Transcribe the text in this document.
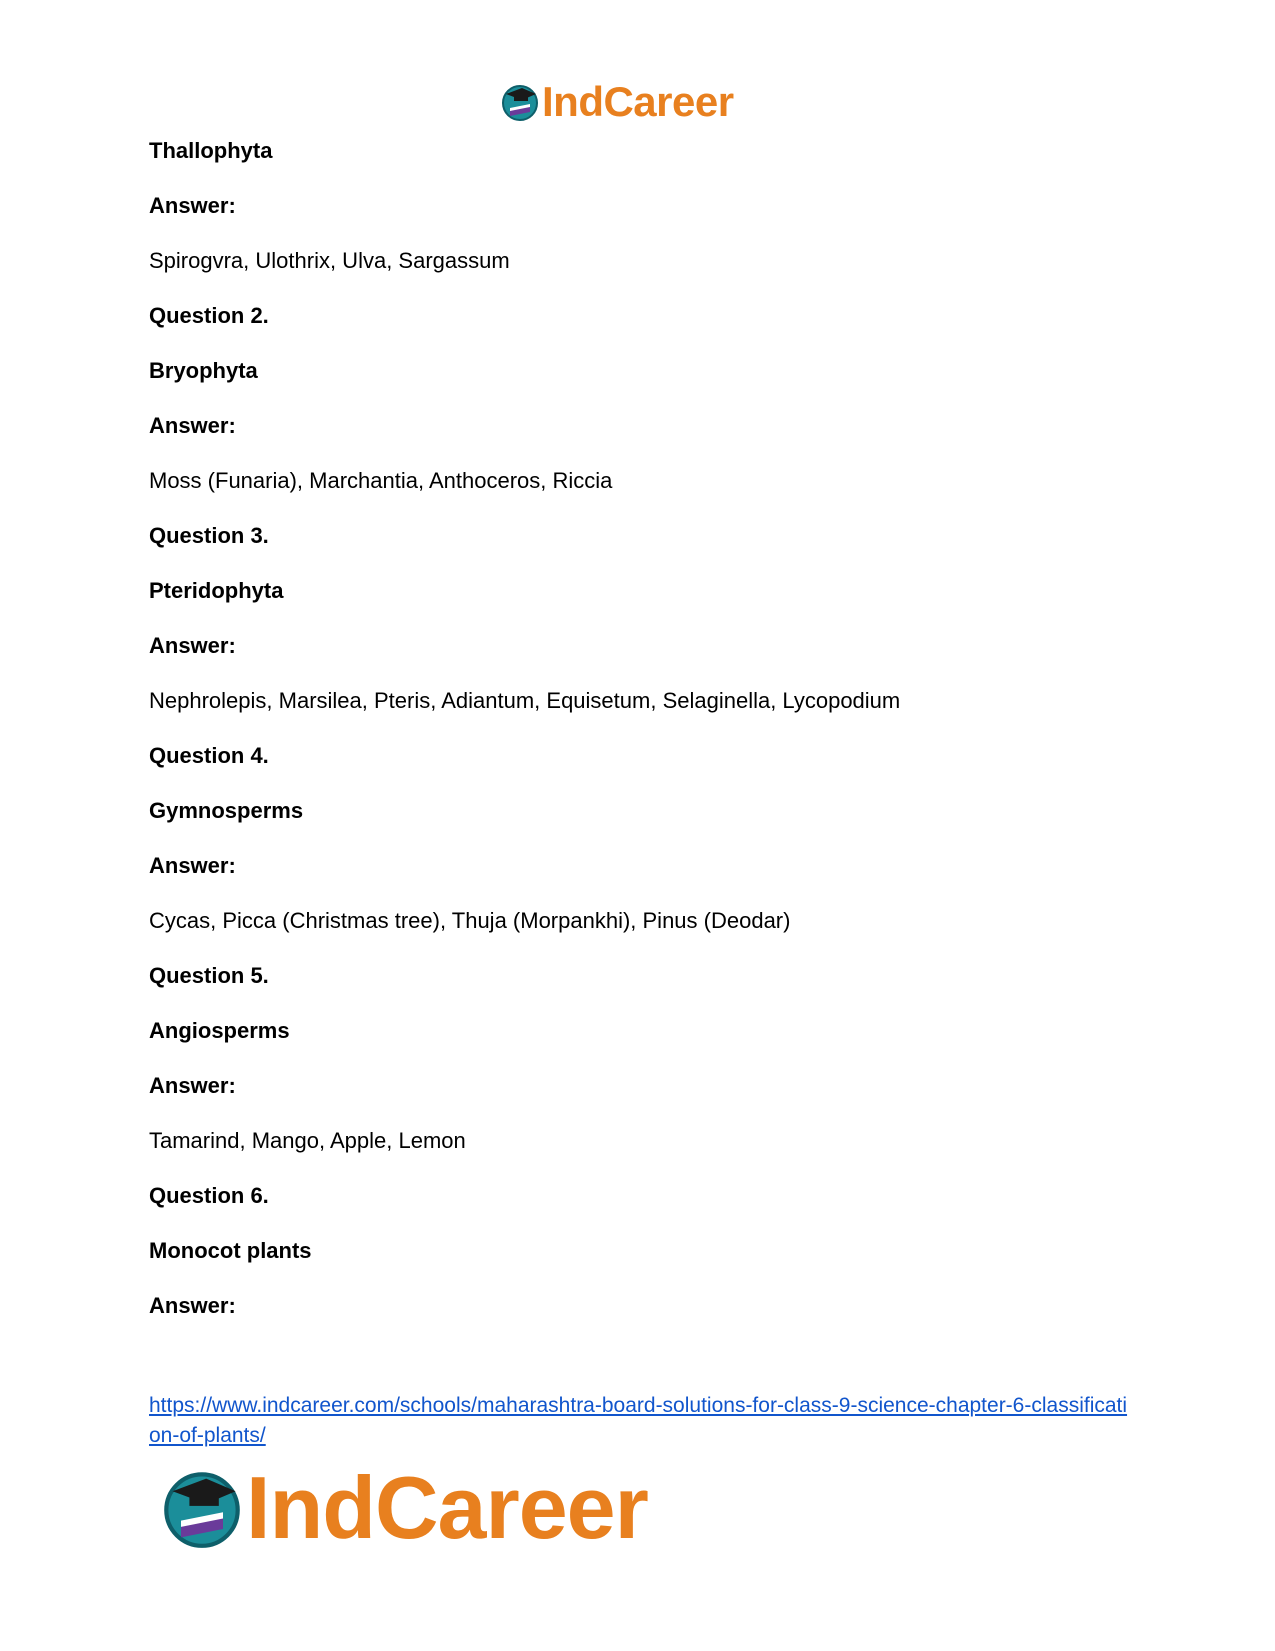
IndCareer
Thallophyta
Answer:
Spirogvra, Ulothrix, Ulva, Sargassum
Question 2.
Bryophyta
Answer:
Moss (Funaria), Marchantia, Anthoceros, Riccia
Question 3.
Pteridophyta
Answer:
Nephrolepis, Marsilea, Pteris, Adiantum, Equisetum, Selaginella, Lycopodium
Question 4.
Gymnosperms
Answer:
Cycas, Picca (Christmas tree), Thuja (Morpankhi), Pinus (Deodar)
Question 5.
Angiosperms
Answer:
Tamarind, Mango, Apple, Lemon
Question 6.
Monocot plants
Answer:
https://www.indcareer.com/schools/maharashtra-board-solutions-for-class-9-science-chapter-6-classification-of-plants/
IndCareer
